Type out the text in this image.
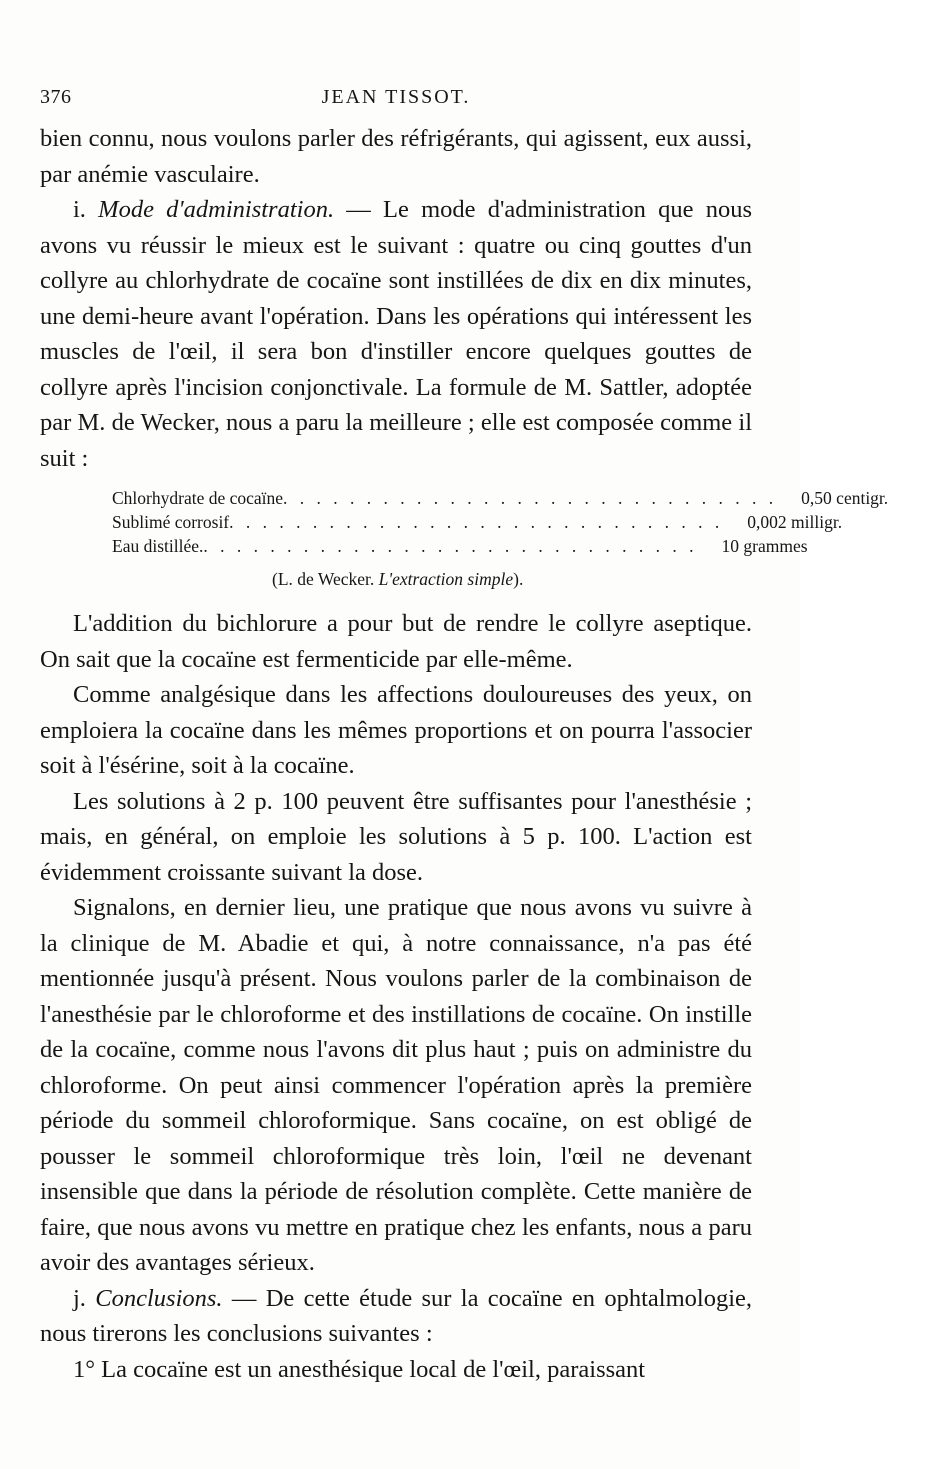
376	JEAN TISSOT.

bien connu, nous voulons parler des réfrigérants, qui agissent, eux aussi, par anémie vasculaire.

i. Mode d'administration. — Le mode d'administration que nous avons vu réussir le mieux est le suivant : quatre ou cinq gouttes d'un collyre au chlorhydrate de cocaïne sont instillées de dix en dix minutes, une demi-heure avant l'opération. Dans les opérations qui intéressent les muscles de l'œil, il sera bon d'instiller encore quelques gouttes de collyre après l'incision conjonctivale. La formule de M. Sattler, adoptée par M. de Wecker, nous a paru la meilleure ; elle est composée comme il suit :

Chlorhydrate de cocaïne . . . . . . . . . . . . . . . . . . . . . . . . . . . . . .	0,50 centigr.
Sublimé corrosif . . . . . . . . . . . . . . . . . . . . . . . . . . . . . .	0,002 milligr.
Eau distillée. . . . . . . . . . . . . . . . . . . . . . . . . . . . . . .	10 grammes
(L. de Wecker. L'extraction simple).

L'addition du bichlorure a pour but de rendre le collyre aseptique. On sait que la cocaïne est fermenticide par elle-même.

Comme analgésique dans les affections douloureuses des yeux, on emploiera la cocaïne dans les mêmes proportions et on pourra l'associer soit à l'ésérine, soit à la cocaïne.

Les solutions à 2 p. 100 peuvent être suffisantes pour l'anesthésie ; mais, en général, on emploie les solutions à 5 p. 100. L'action est évidemment croissante suivant la dose.

Signalons, en dernier lieu, une pratique que nous avons vu suivre à la clinique de M. Abadie et qui, à notre connaissance, n'a pas été mentionnée jusqu'à présent. Nous voulons parler de la combinaison de l'anesthésie par le chloroforme et des instillations de cocaïne. On instille de la cocaïne, comme nous l'avons dit plus haut ; puis on administre du chloroforme. On peut ainsi commencer l'opération après la première période du sommeil chloroformique. Sans cocaïne, on est obligé de pousser le sommeil chloroformique très loin, l'œil ne devenant insensible que dans la période de résolution complète. Cette manière de faire, que nous avons vu mettre en pratique chez les enfants, nous a paru avoir des avantages sérieux.

j. Conclusions. — De cette étude sur la cocaïne en ophtalmologie, nous tirerons les conclusions suivantes :

1° La cocaïne est un anesthésique local de l'œil, paraissant
